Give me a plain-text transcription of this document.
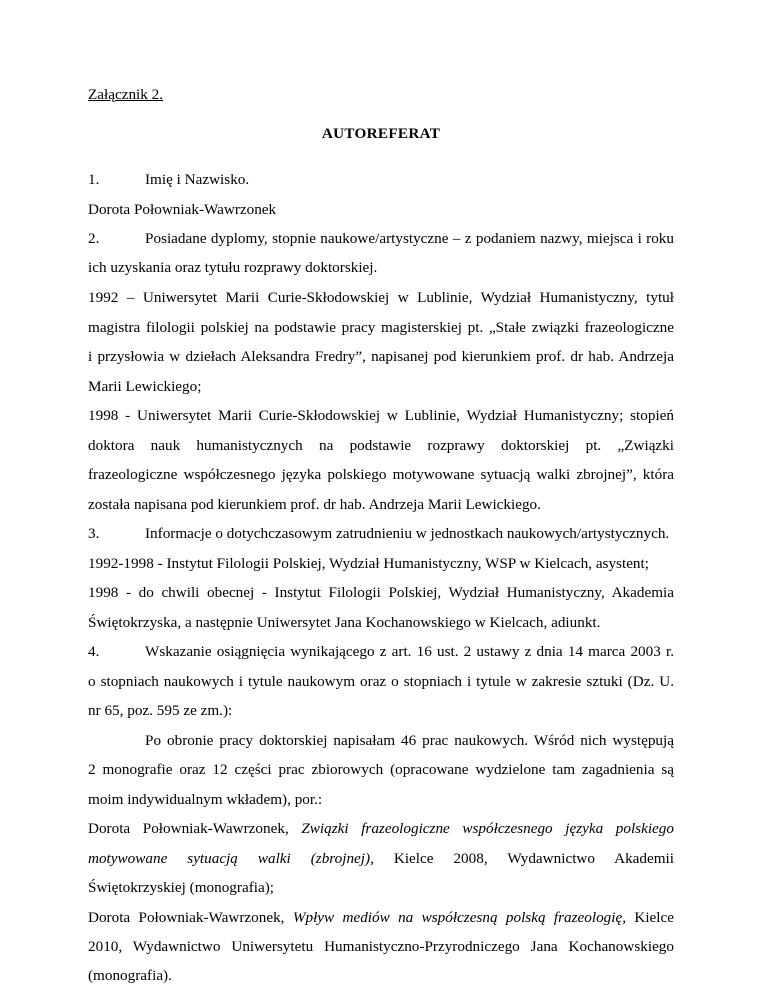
Załącznik 2.
AUTOREFERAT
1.	Imię i Nazwisko.
Dorota Połowniak-Wawrzonek
2.	Posiadane dyplomy, stopnie naukowe/artystyczne – z podaniem nazwy, miejsca i roku
ich uzyskania oraz tytułu rozprawy doktorskiej.
1992 – Uniwersytet Marii Curie-Skłodowskiej w Lublinie, Wydział Humanistyczny, tytuł
magistra filologii polskiej na podstawie pracy magisterskiej pt. „Stałe związki frazeologiczne
i przysłowia w dziełach Aleksandra Fredry”, napisanej pod kierunkiem prof. dr hab. Andrzeja
Marii Lewickiego;
1998 - Uniwersytet Marii Curie-Skłodowskiej w Lublinie, Wydział Humanistyczny; stopień
doktora nauk humanistycznych na podstawie rozprawy doktorskiej pt. „Związki
frazeologiczne współczesnego języka polskiego motywowane sytuacją walki zbrojnej”, która
została napisana pod kierunkiem prof. dr hab. Andrzeja Marii Lewickiego.
3.	Informacje o dotychczasowym zatrudnieniu w jednostkach naukowych/artystycznych.
1992-1998 - Instytut Filologii Polskiej, Wydział Humanistyczny, WSP w Kielcach, asystent;
1998 - do chwili obecnej - Instytut Filologii Polskiej, Wydział Humanistyczny, Akademia
Świętokrzyska, a następnie Uniwersytet Jana Kochanowskiego w Kielcach, adiunkt.
4.	Wskazanie osiągnięcia wynikającego z art. 16 ust. 2 ustawy z dnia 14 marca 2003 r.
o stopniach naukowych i tytule naukowym oraz o stopniach i tytule w zakresie sztuki (Dz. U.
nr 65, poz. 595 ze zm.):
Po obronie pracy doktorskiej napisałam 46 prac naukowych. Wśród nich występują
2 monografie oraz 12 części prac zbiorowych (opracowane wydzielone tam zagadnienia są
moim indywidualnym wkładem), por.:
Dorota Połowniak-Wawrzonek, Związki frazeologiczne współczesnego języka polskiego
motywowane sytuacją walki (zbrojnej), Kielce 2008, Wydawnictwo Akademii
Świętokrzyskiej (monografia);
Dorota Połowniak-Wawrzonek, Wpływ mediów na współczesną polską frazeologię, Kielce
2010, Wydawnictwo Uniwersytetu Humanistyczno-Przyrodniczego Jana Kochanowskiego
(monografia).
